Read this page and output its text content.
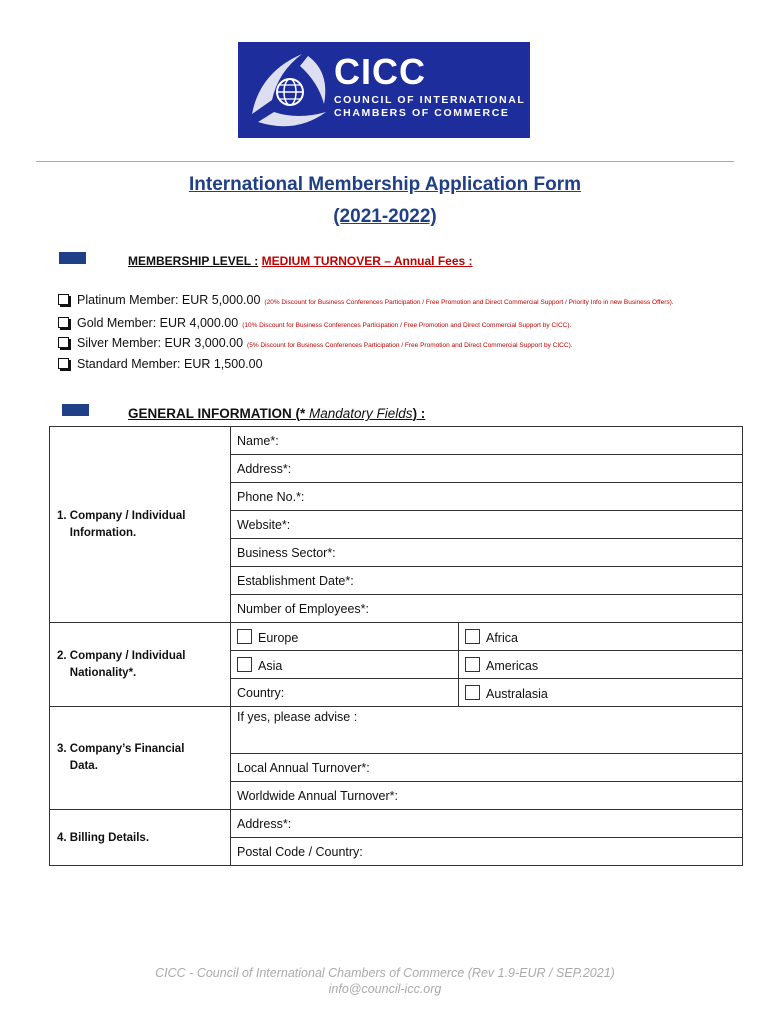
CICC
COUNCIL OF INTERNATIONAL
CHAMBERS OF COMMERCE
International Membership Application Form
(2021-2022)
MEMBERSHIP LEVEL : MEDIUM TURNOVER – Annual Fees :
Platinum Member: EUR 5,000.00 (20% Discount for Business Conferences Participation / Free Promotion and Direct Commercial Support / Priority Info in new Business Offers).
Gold Member: EUR 4,000.00 (10% Discount for Business Conferences Participation / Free Promotion and Direct Commercial Support by CICC).
Silver Member: EUR 3,000.00 (5% Discount for Business Conferences Participation / Free Promotion and Direct Commercial Support by CICC).
Standard Member: EUR 1,500.00
GENERAL INFORMATION (* Mandatory Fields) :
1. Company / Individual
Information.	Name*:	
	Address*:	
	Phone No.*:	
	Website*:	
	Business Sector*:	
	Establishment Date*:	
	Number of Employees*:	
2. Company / Individual
Nationality*.	Europe	Africa
	Asia	Americas
	Country:	Australasia
3. Company’s Financial
Data.	If yes, please advise :	
	Local Annual Turnover*:	
	Worldwide Annual Turnover*:	
4. Billing Details.	Address*:	
	Postal Code / Country:	
CICC - Council of International Chambers of Commerce (Rev 1.9-EUR / SEP.2021)
info@council-icc.org
